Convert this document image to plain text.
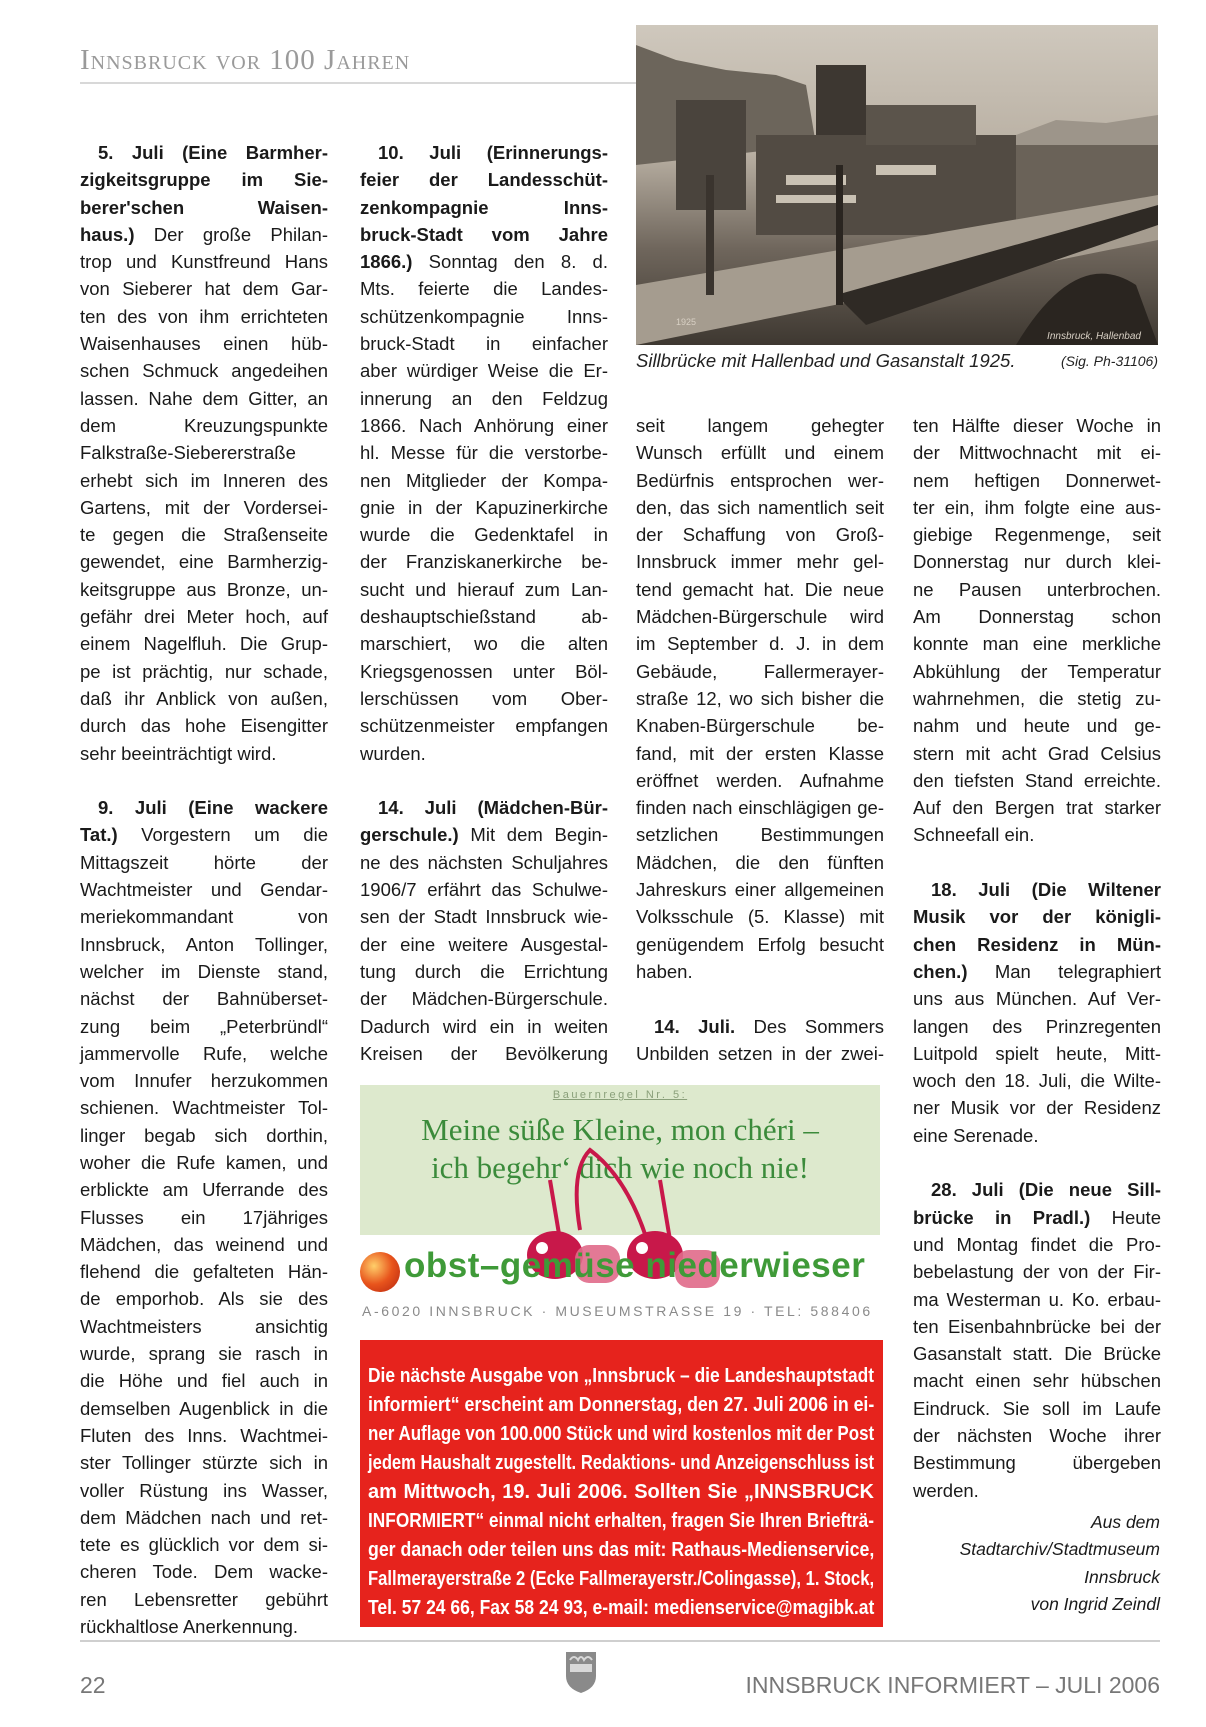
Innsbruck vor 100 Jahren
Innsbruck, Hallenbad
1925
Sillbrücke mit Hallenbad und Gasanstalt 1925.	(Sig. Ph-31106)
5. Juli (Eine Barmher-
zigkeitsgruppe im Sie-
berer'schen Waisen-
haus.) Der große Philan-
trop und Kunstfreund Hans
von Sieberer hat dem Gar-
ten des von ihm errichteten
Waisenhauses einen hüb-
schen Schmuck angedeihen
lassen. Nahe dem Gitter, an
dem Kreuzungspunkte
Falkstraße-Siebererstraße
erhebt sich im Inneren des
Gartens, mit der Vordersei-
te gegen die Straßenseite
gewendet, eine Barmherzig-
keitsgruppe aus Bronze, un-
gefähr drei Meter hoch, auf
einem Nagelfluh. Die Grup-
pe ist prächtig, nur schade,
daß ihr Anblick von außen,
durch das hohe Eisengitter
sehr beeinträchtigt wird.
9. Juli (Eine wackere
Tat.) Vorgestern um die
Mittagszeit hörte der
Wachtmeister und Gendar-
meriekommandant von
Innsbruck, Anton Tollinger,
welcher im Dienste stand,
nächst der Bahnüberset-
zung beim „Peterbründl“
jammervolle Rufe, welche
vom Innufer herzukommen
schienen. Wachtmeister Tol-
linger begab sich dorthin,
woher die Rufe kamen, und
erblickte am Uferrande des
Flusses ein 17jähriges
Mädchen, das weinend und
flehend die gefalteten Hän-
de emporhob. Als sie des
Wachtmeisters ansichtig
wurde, sprang sie rasch in
die Höhe und fiel auch in
demselben Augenblick in die
Fluten des Inns. Wachtmei-
ster Tollinger stürzte sich in
voller Rüstung ins Wasser,
dem Mädchen nach und ret-
tete es glücklich vor dem si-
cheren Tode. Dem wacke-
ren Lebensretter gebührt
rückhaltlose Anerkennung.
10. Juli (Erinnerungs-
feier der Landesschüt-
zenkompagnie Inns-
bruck-Stadt vom Jahre
1866.) Sonntag den 8. d.
Mts. feierte die Landes-
schützenkompagnie Inns-
bruck-Stadt in einfacher
aber würdiger Weise die Er-
innerung an den Feldzug
1866. Nach Anhörung einer
hl. Messe für die verstorbe-
nen Mitglieder der Kompa-
gnie in der Kapuzinerkirche
wurde die Gedenktafel in
der Franziskanerkirche be-
sucht und hierauf zum Lan-
deshauptschießstand ab-
marschiert, wo die alten
Kriegsgenossen unter Böl-
lerschüssen vom Ober-
schützenmeister empfangen
wurden.
14. Juli (Mädchen-Bür-
gerschule.) Mit dem Begin-
ne des nächsten Schuljahres
1906/7 erfährt das Schulwe-
sen der Stadt Innsbruck wie-
der eine weitere Ausgestal-
tung durch die Errichtung
der Mädchen-Bürgerschule.
Dadurch wird ein in weiten
Kreisen der Bevölkerung
seit langem gehegter
Wunsch erfüllt und einem
Bedürfnis entsprochen wer-
den, das sich namentlich seit
der Schaffung von Groß-
Innsbruck immer mehr gel-
tend gemacht hat. Die neue
Mädchen-Bürgerschule wird
im September d. J. in dem
Gebäude, Fallermerayer-
straße 12, wo sich bisher die
Knaben-Bürgerschule be-
fand, mit der ersten Klasse
eröffnet werden. Aufnahme
finden nach einschlägigen ge-
setzlichen Bestimmungen
Mädchen, die den fünften
Jahreskurs einer allgemeinen
Volksschule (5. Klasse) mit
genügendem Erfolg besucht
haben.
14. Juli. Des Sommers
Unbilden setzen in der zwei-
ten Hälfte dieser Woche in
der Mittwochnacht mit ei-
nem heftigen Donnerwet-
ter ein, ihm folgte eine aus-
giebige Regenmenge, seit
Donnerstag nur durch klei-
ne Pausen unterbrochen.
Am Donnerstag schon
konnte man eine merkliche
Abkühlung der Temperatur
wahrnehmen, die stetig zu-
nahm und heute und ge-
stern mit acht Grad Celsius
den tiefsten Stand erreichte.
Auf den Bergen trat starker
Schneefall ein.
18. Juli (Die Wiltener
Musik vor der königli-
chen Residenz in Mün-
chen.) Man telegraphiert
uns aus München. Auf Ver-
langen des Prinzregenten
Luitpold spielt heute, Mitt-
woch den 18. Juli, die Wilte-
ner Musik vor der Residenz
eine Serenade.
28. Juli (Die neue Sill-
brücke in Pradl.) Heute
und Montag findet die Pro-
bebelastung der von der Fir-
ma Westerman u. Ko. erbau-
ten Eisenbahnbrücke bei der
Gasanstalt statt. Die Brücke
macht einen sehr hübschen
Eindruck. Sie soll im Laufe
der nächsten Woche ihrer
Bestimmung übergeben
werden.
Aus dem
Stadtarchiv/Stadtmuseum
Innsbruck
von Ingrid Zeindl
Bauernregel Nr. 5:
Meine süße Kleine, mon chéri –
ich begehr‘ dich wie noch nie!
obst–gemüse niederwieser
A-6020 INNSBRUCK · MUSEUMSTRASSE 19 · TEL: 588406
Die nächste Ausgabe von „Innsbruck – die Landeshauptstadt
informiert“ erscheint am Donnerstag, den 27. Juli 2006 in ei-
ner Auflage von 100.000 Stück und wird kostenlos mit der Post
jedem Haushalt zugestellt. Redaktions- und Anzeigenschluss ist
am Mittwoch, 19. Juli 2006. Sollten Sie „INNSBRUCK
INFORMIERT“ einmal nicht erhalten, fragen Sie Ihren Briefträ-
ger danach oder teilen uns das mit: Rathaus-Medienservice,
Fallmerayerstraße 2 (Ecke Fallmerayerstr./Colingasse), 1. Stock,
Tel. 57 24 66, Fax 58 24 93, e-mail: medienservice@magibk.at
22	INNSBRUCK INFORMIERT – JULI 2006
